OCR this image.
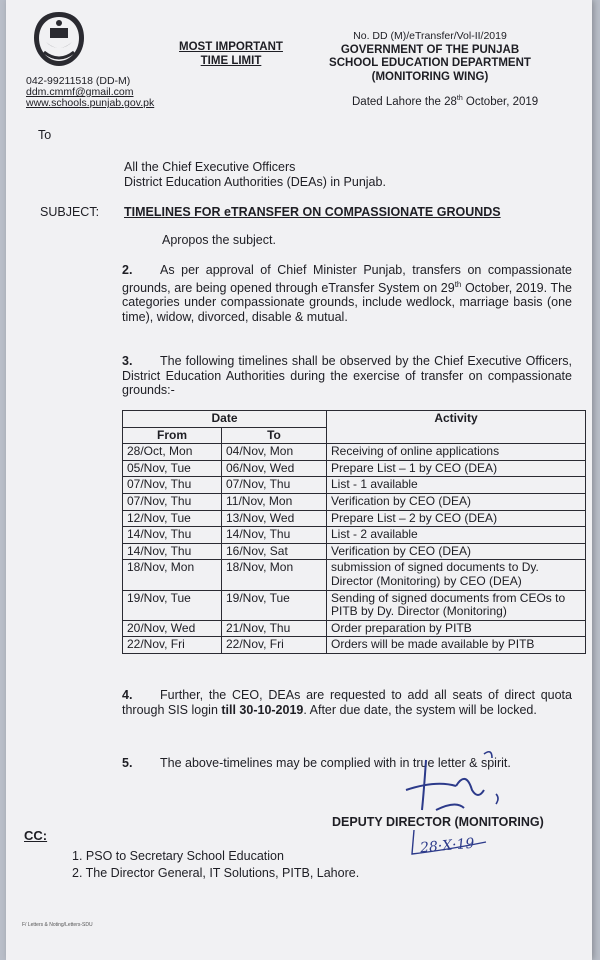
042-99211518 (DD-M)
ddm.cmmf@gmail.com
www.schools.punjab.gov.pk
MOST IMPORTANT
TIME LIMIT
No. DD (M)/eTransfer/Vol-II/2019
GOVERNMENT OF THE PUNJAB
SCHOOL EDUCATION DEPARTMENT
(MONITORING WING)
Dated Lahore the 28th October, 2019
To
All the Chief Executive Officers
District Education Authorities (DEAs) in Punjab.
SUBJECT: TIMELINES FOR eTRANSFER ON COMPASSIONATE GROUNDS
Apropos the subject.
2. As per approval of Chief Minister Punjab, transfers on compassionate grounds, are being opened through eTransfer System on 29th October, 2019. The categories under compassionate grounds, include wedlock, marriage basis (one time), widow, divorced, disable & mutual.
3. The following timelines shall be observed by the Chief Executive Officers, District Education Authorities during the exercise of transfer on compassionate grounds:-
Date		Activity
From	To	
28/Oct, Mon	04/Nov, Mon	Receiving of online applications
05/Nov, Tue	06/Nov, Wed	Prepare List – 1 by CEO (DEA)
07/Nov, Thu	07/Nov, Thu	List - 1 available
07/Nov, Thu	11/Nov, Mon	Verification by CEO (DEA)
12/Nov, Tue	13/Nov, Wed	Prepare List – 2 by CEO (DEA)
14/Nov, Thu	14/Nov, Thu	List - 2 available
14/Nov, Thu	16/Nov, Sat	Verification by CEO (DEA)
18/Nov, Mon	18/Nov, Mon	submission of signed documents to Dy. Director (Monitoring) by CEO (DEA)
19/Nov, Tue	19/Nov, Tue	Sending of signed documents from CEOs to PITB by Dy. Director (Monitoring)
20/Nov, Wed	21/Nov, Thu	Order preparation by PITB
22/Nov, Fri	22/Nov, Fri	Orders will be made available by PITB
4. Further, the CEO, DEAs are requested to add all seats of direct quota through SIS login till 30-10-2019. After due date, the system will be locked.
5. The above-timelines may be complied with in true letter & spirit.
DEPUTY DIRECTOR (MONITORING)
28·X·19
CC:
1. PSO to Secretary School Education
2. The Director General, IT Solutions, PITB, Lahore.
F/ Letters & Noting/Letters-SDU
